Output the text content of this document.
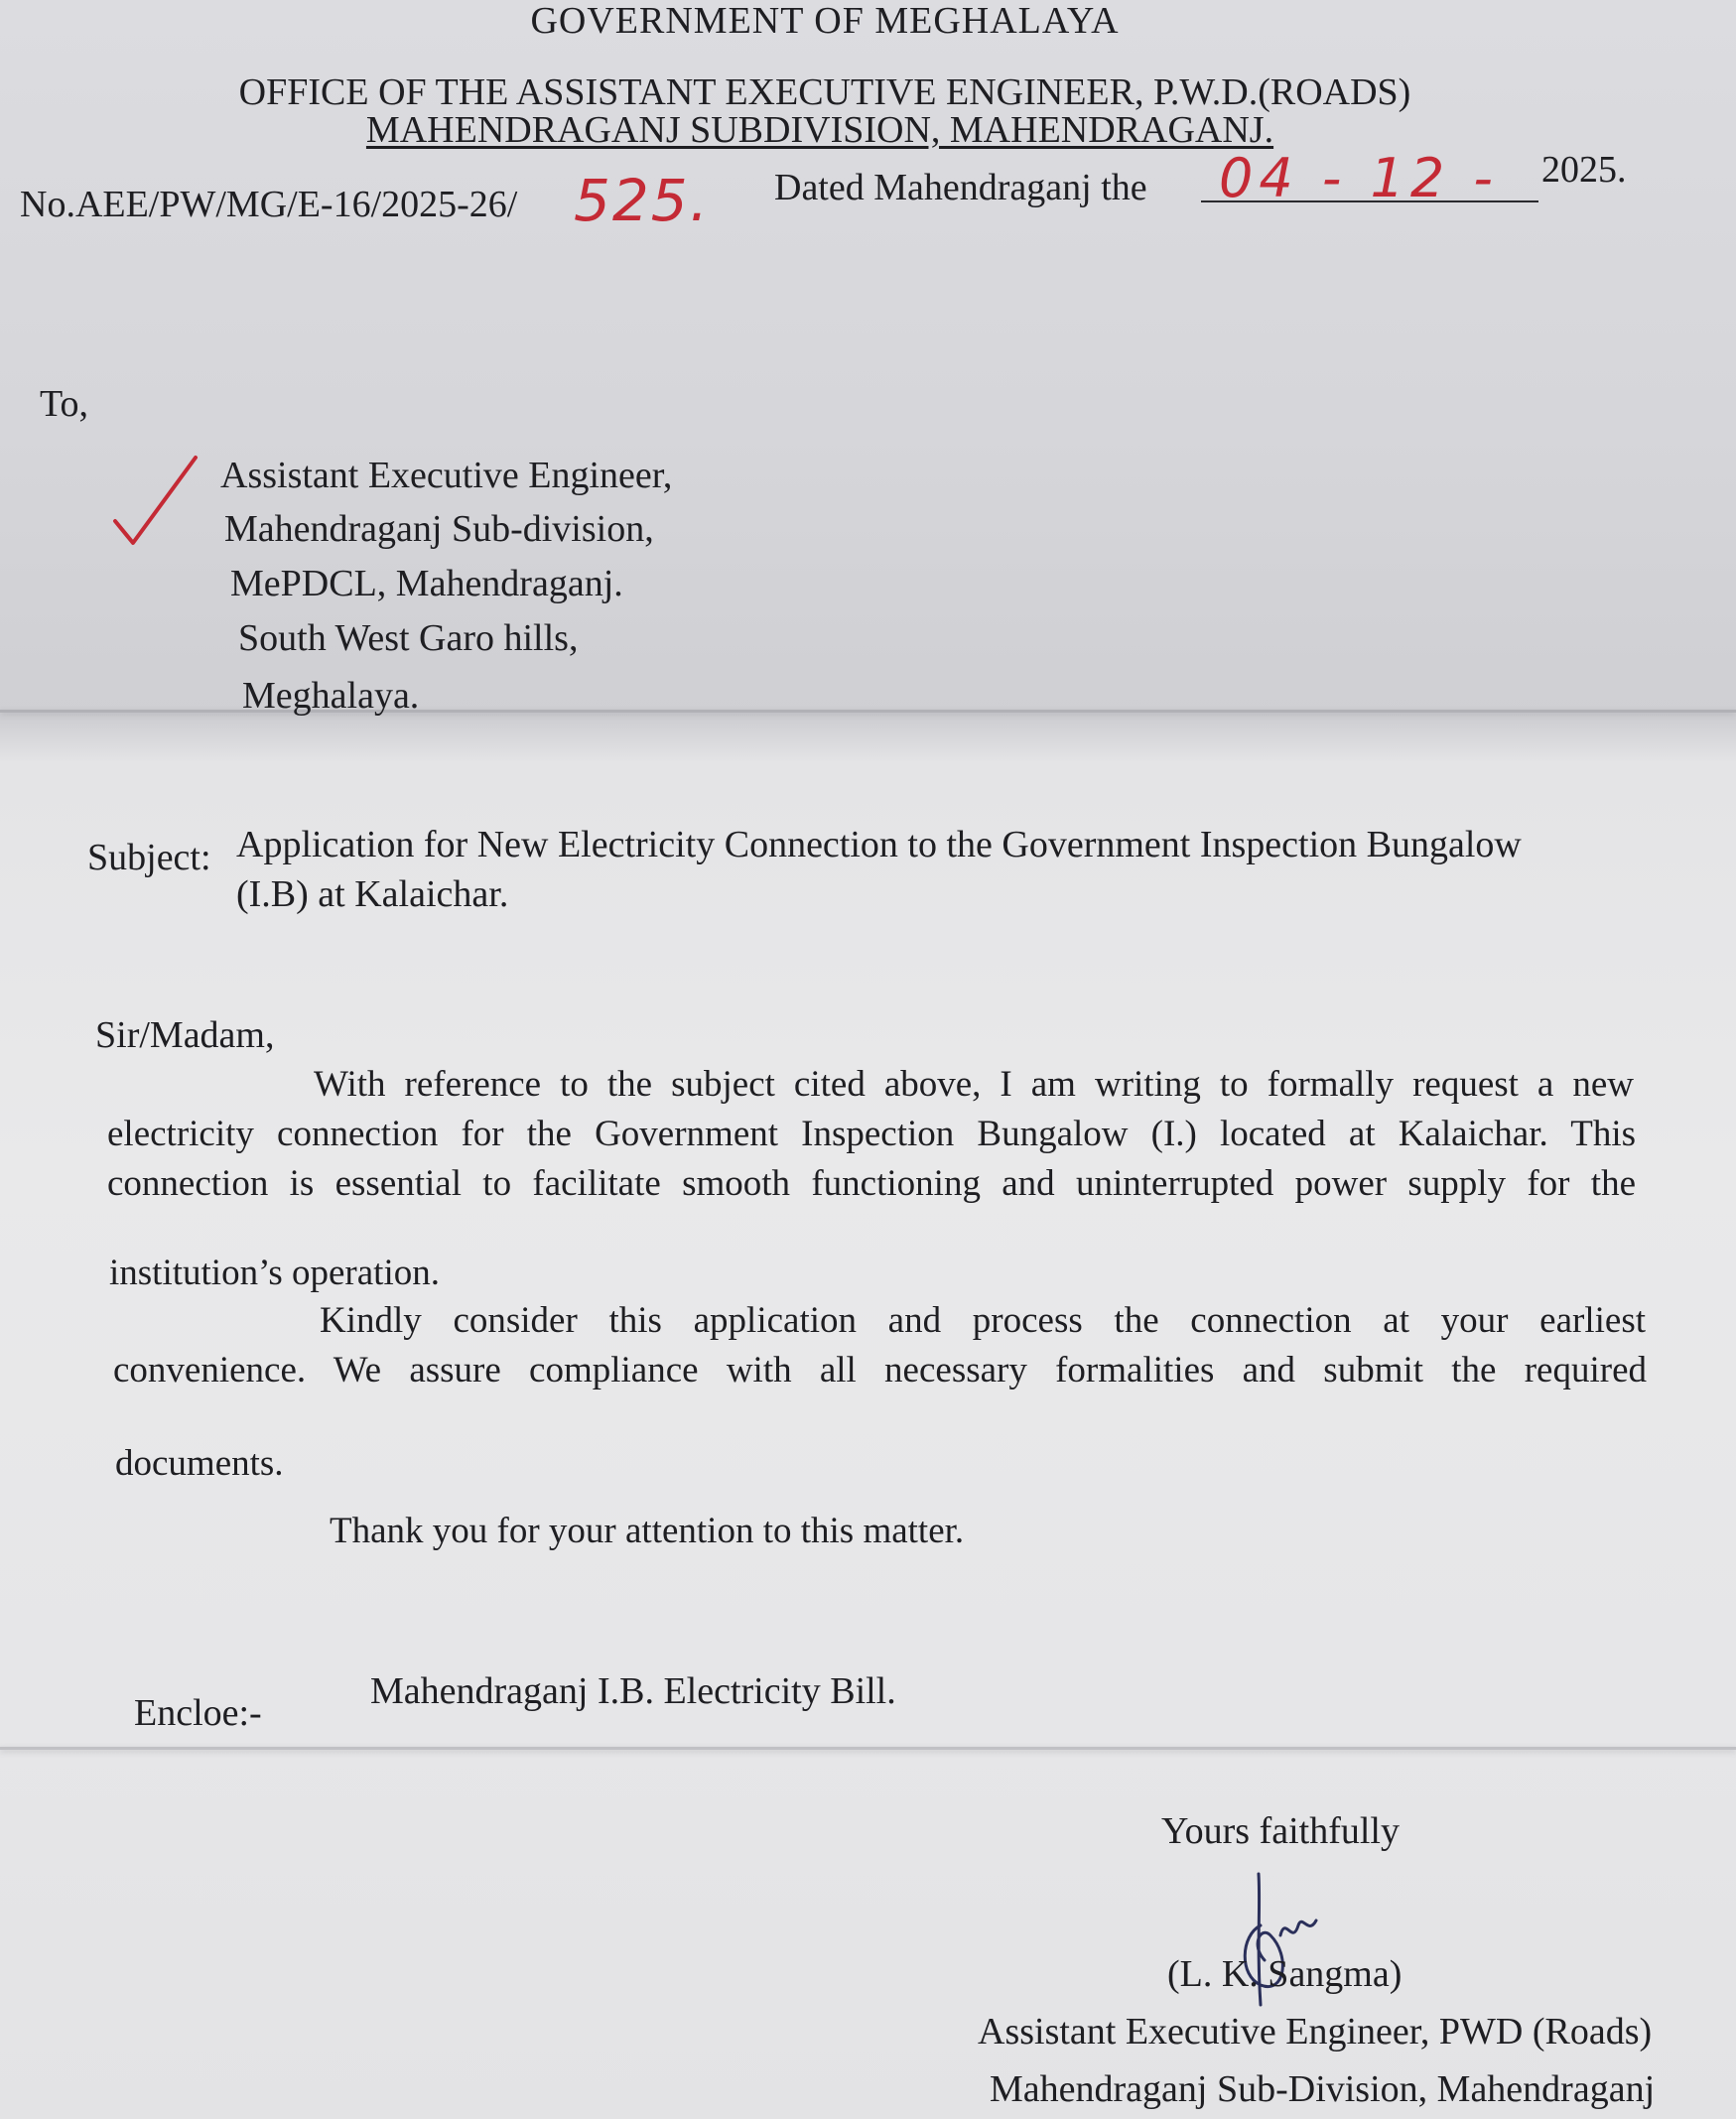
GOVERNMENT OF MEGHALAYA
OFFICE OF THE ASSISTANT EXECUTIVE ENGINEER, P.W.D.(ROADS)
MAHENDRAGANJ SUBDIVISION, MAHENDRAGANJ.
No.AEE/PW/MG/E-16/2025-26/ 525. Dated Mahendraganj the 04 - 12 - 2025.
To,
Assistant Executive Engineer,
Mahendraganj Sub-division,
MePDCL, Mahendraganj.
South West Garo hills,
Meghalaya.
Subject: Application for New Electricity Connection to the Government Inspection Bungalow
(I.B) at Kalaichar.
Sir/Madam,
With reference to the subject cited above, I am writing to formally request a new
electricity connection for the Government Inspection Bungalow (I.) located at Kalaichar. This
connection is essential to facilitate smooth functioning and uninterrupted power supply for the
institution’s operation.
Kindly consider this application and process the connection at your earliest
convenience. We assure compliance with all necessary formalities and submit the required
documents.
Thank you for your attention to this matter.
Encloe:-
Mahendraganj I.B. Electricity Bill.
Yours faithfully
(L. K. Sangma)
Assistant Executive Engineer, PWD (Roads)
Mahendraganj Sub-Division, Mahendraganj
